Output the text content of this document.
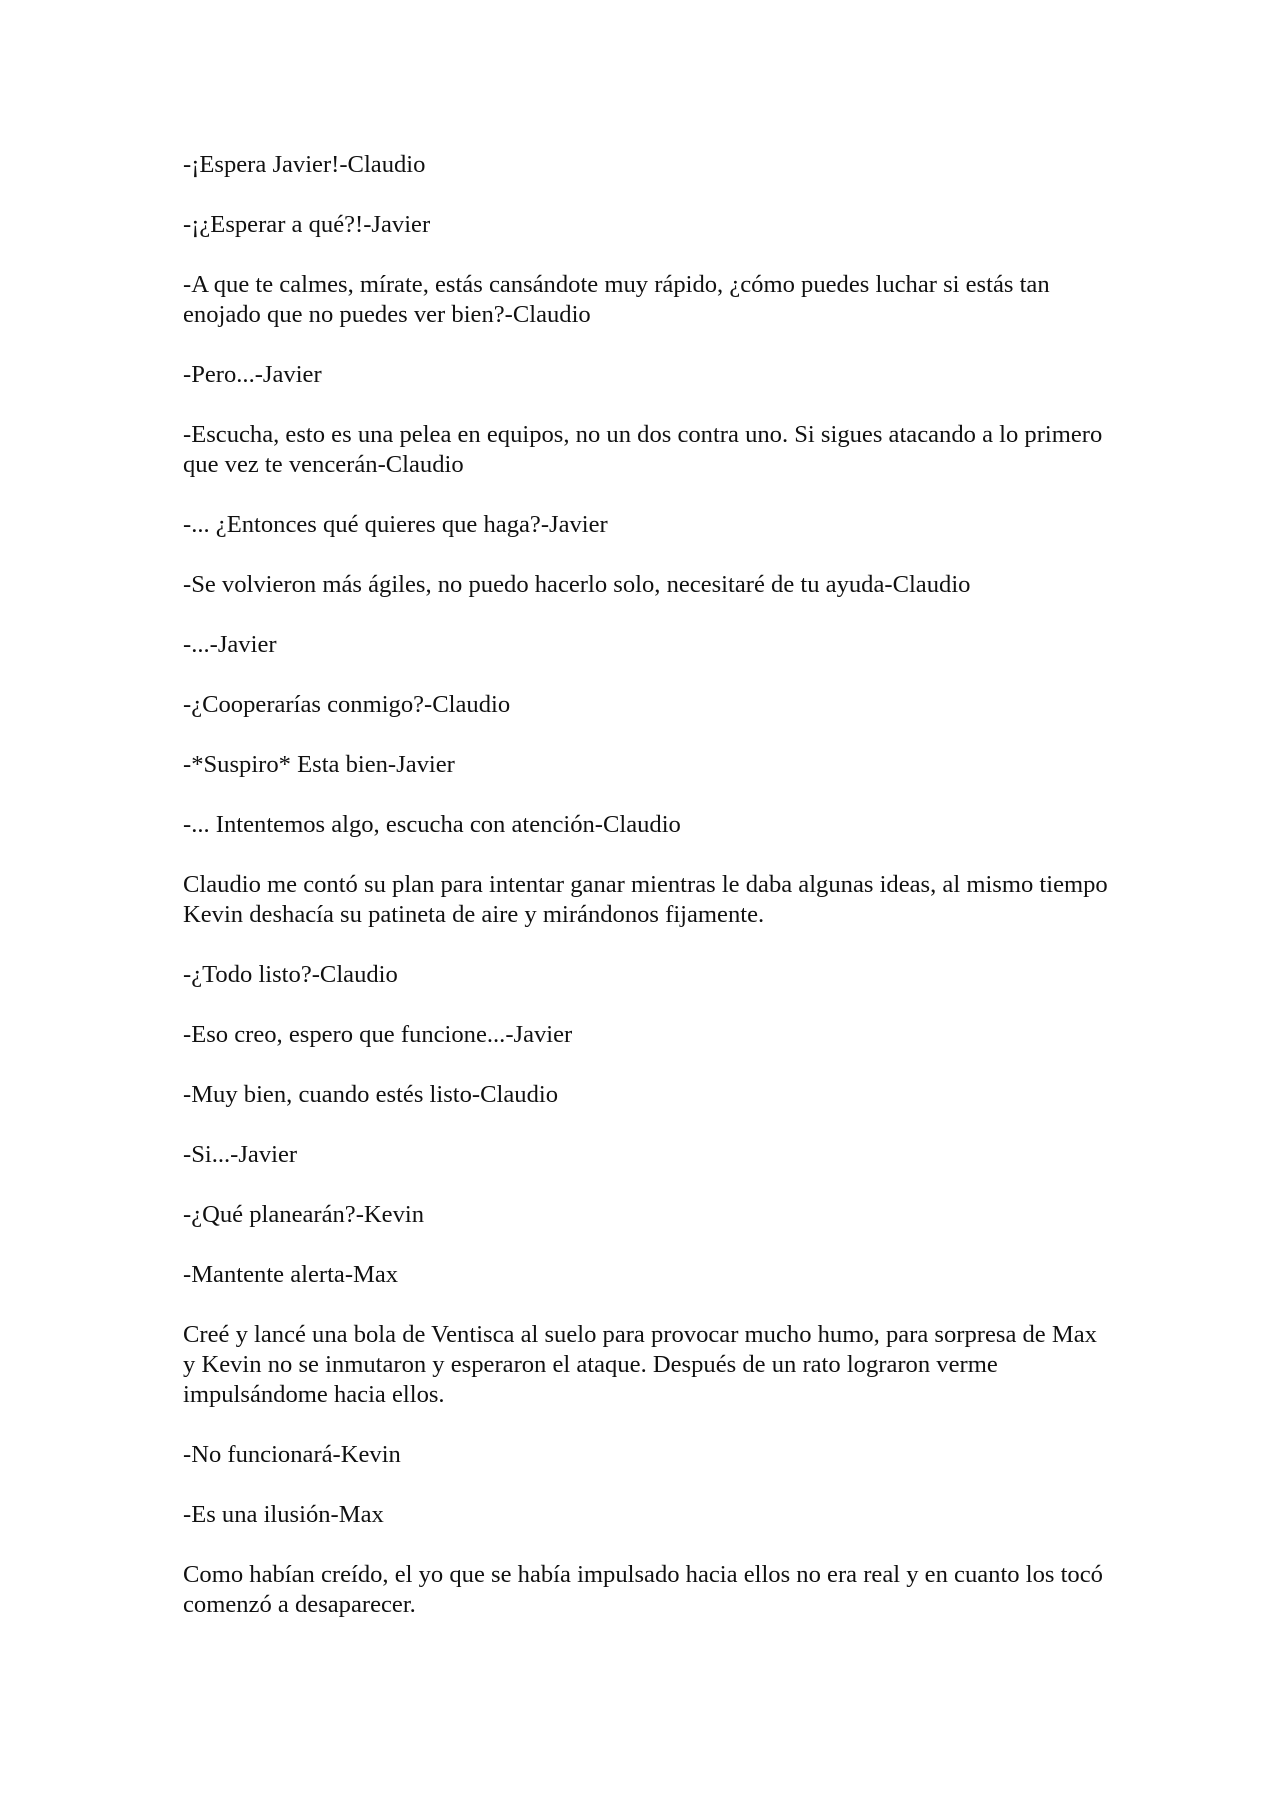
-¡Espera Javier!-Claudio

-¡¿Esperar a qué?!-Javier

-A que te calmes, mírate, estás cansándote muy rápido, ¿cómo puedes luchar si estás tan enojado que no puedes ver bien?-Claudio

-Pero...-Javier

-Escucha, esto es una pelea en equipos, no un dos contra uno. Si sigues atacando a lo primero que vez te vencerán-Claudio

-... ¿Entonces qué quieres que haga?-Javier

-Se volvieron más ágiles, no puedo hacerlo solo, necesitaré de tu ayuda-Claudio

-...-Javier

-¿Cooperarías conmigo?-Claudio

-*Suspiro* Esta bien-Javier

-... Intentemos algo, escucha con atención-Claudio

Claudio me contó su plan para intentar ganar mientras le daba algunas ideas, al mismo tiempo Kevin deshacía su patineta de aire y mirándonos fijamente.

-¿Todo listo?-Claudio

-Eso creo, espero que funcione...-Javier

-Muy bien, cuando estés listo-Claudio

-Si...-Javier

-¿Qué planearán?-Kevin

-Mantente alerta-Max

Creé y lancé una bola de Ventisca al suelo para provocar mucho humo, para sorpresa de Max y Kevin no se inmutaron y esperaron el ataque. Después de un rato lograron verme impulsándome hacia ellos.

-No funcionará-Kevin

-Es una ilusión-Max

Como habían creído, el yo que se había impulsado hacia ellos no era real y en cuanto los tocó comenzó a desaparecer.
